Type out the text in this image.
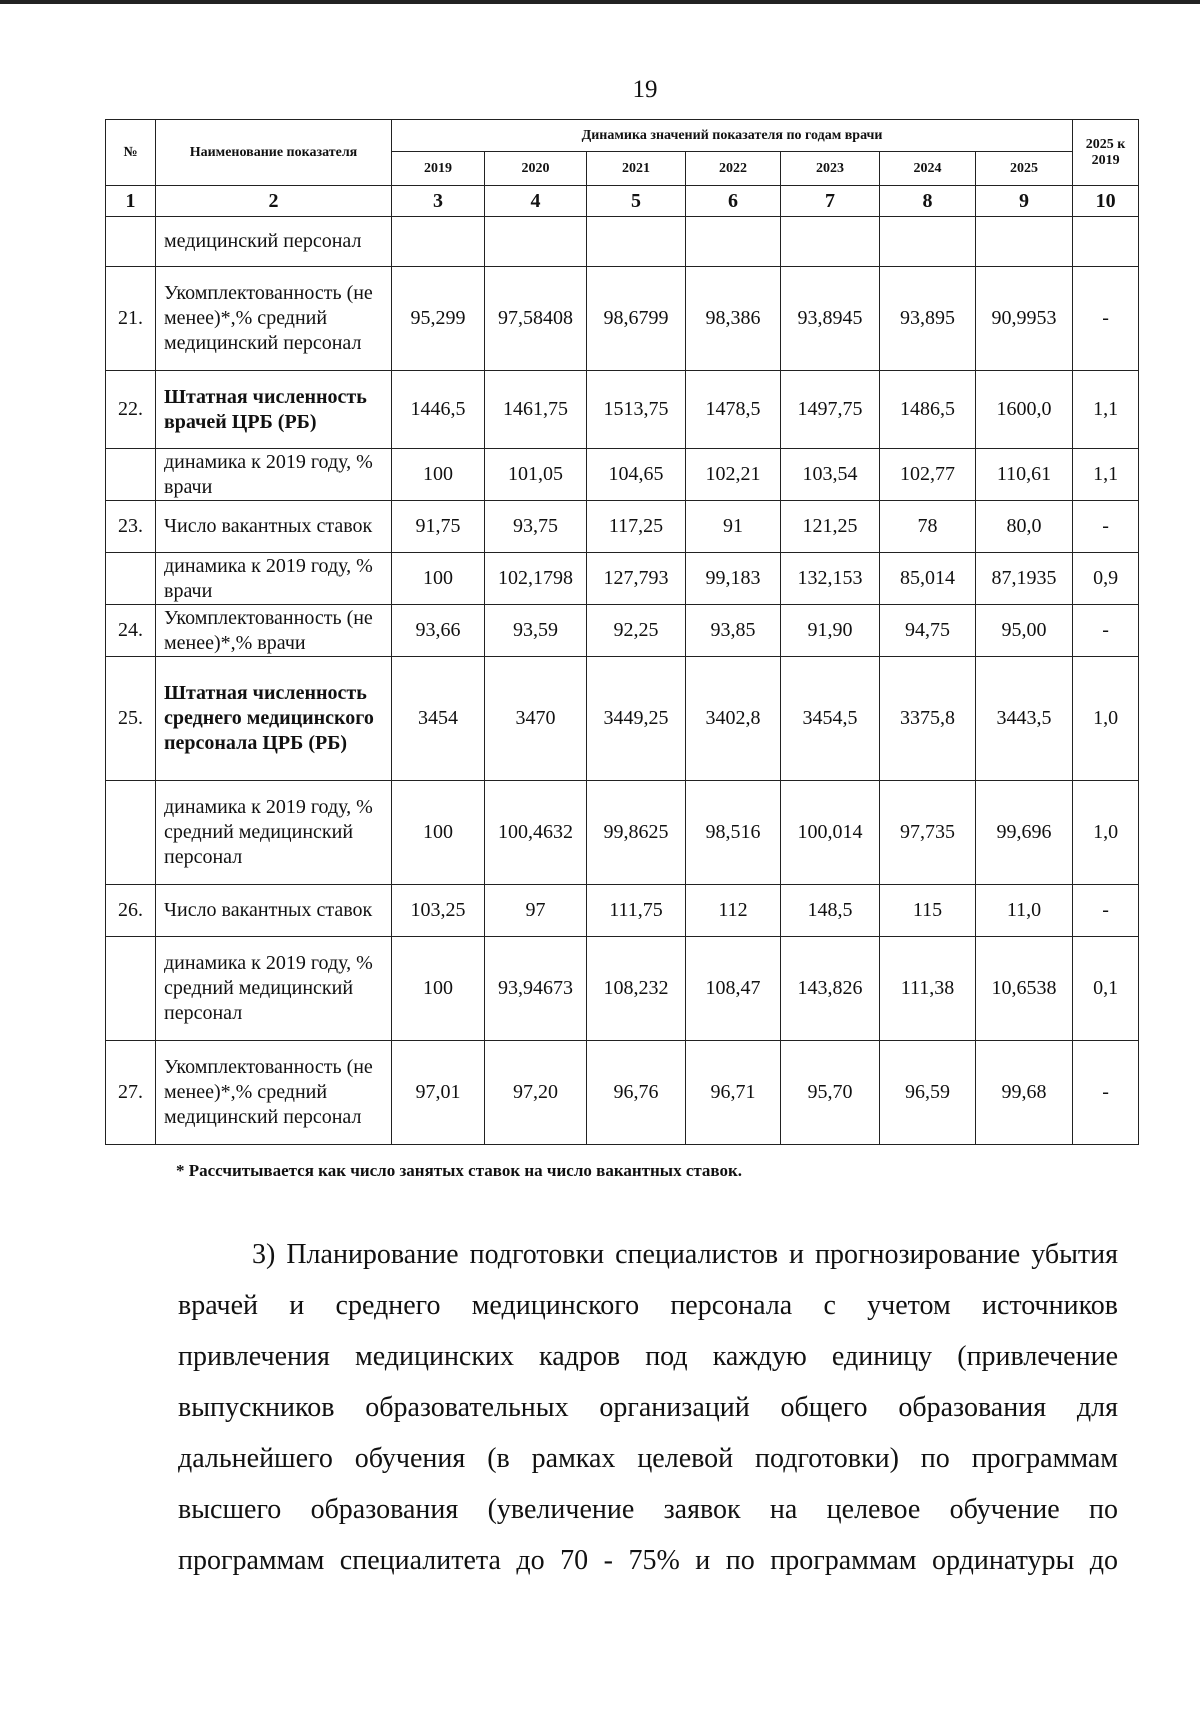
19
№	Наименование показателя	Динамика значений показателя по годам врачи							2025 к 2019
		2019	2020	2021	2022	2023	2024	2025	
1	2	3	4	5	6	7	8	9	10
	медицинский персонал								
21.	Укомплектованность (не менее)*,% средний медицинский персонал	95,299	97,58408	98,6799	98,386	93,8945	93,895	90,9953	-
22.	Штатная численность врачей ЦРБ (РБ)	1446,5	1461,75	1513,75	1478,5	1497,75	1486,5	1600,0	1,1
	динамика к 2019 году, % врачи	100	101,05	104,65	102,21	103,54	102,77	110,61	1,1
23.	Число вакантных ставок	91,75	93,75	117,25	91	121,25	78	80,0	-
	динамика к 2019 году, % врачи	100	102,1798	127,793	99,183	132,153	85,014	87,1935	0,9
24.	Укомплектованность (не менее)*,% врачи	93,66	93,59	92,25	93,85	91,90	94,75	95,00	-
25.	Штатная численность среднего медицинского персонала ЦРБ (РБ)	3454	3470	3449,25	3402,8	3454,5	3375,8	3443,5	1,0
	динамика к 2019 году, % средний медицинский персонал	100	100,4632	99,8625	98,516	100,014	97,735	99,696	1,0
26.	Число вакантных ставок	103,25	97	111,75	112	148,5	115	11,0	-
	динамика к 2019 году, % средний медицинский персонал	100	93,94673	108,232	108,47	143,826	111,38	10,6538	0,1
27.	Укомплектованность (не менее)*,% средний медицинский персонал	97,01	97,20	96,76	96,71	95,70	96,59	99,68	-
* Рассчитывается как число занятых ставок на число вакантных ставок.

3) Планирование подготовки специалистов и прогнозирование убытия
врачей и среднего медицинского персонала с учетом источников
привлечения медицинских кадров под каждую единицу (привлечение
выпускников образовательных организаций общего образования для
дальнейшего обучения (в рамках целевой подготовки) по программам
высшего образования (увеличение заявок на целевое обучение по
программам специалитета до 70 - 75% и по программам ординатуры до
